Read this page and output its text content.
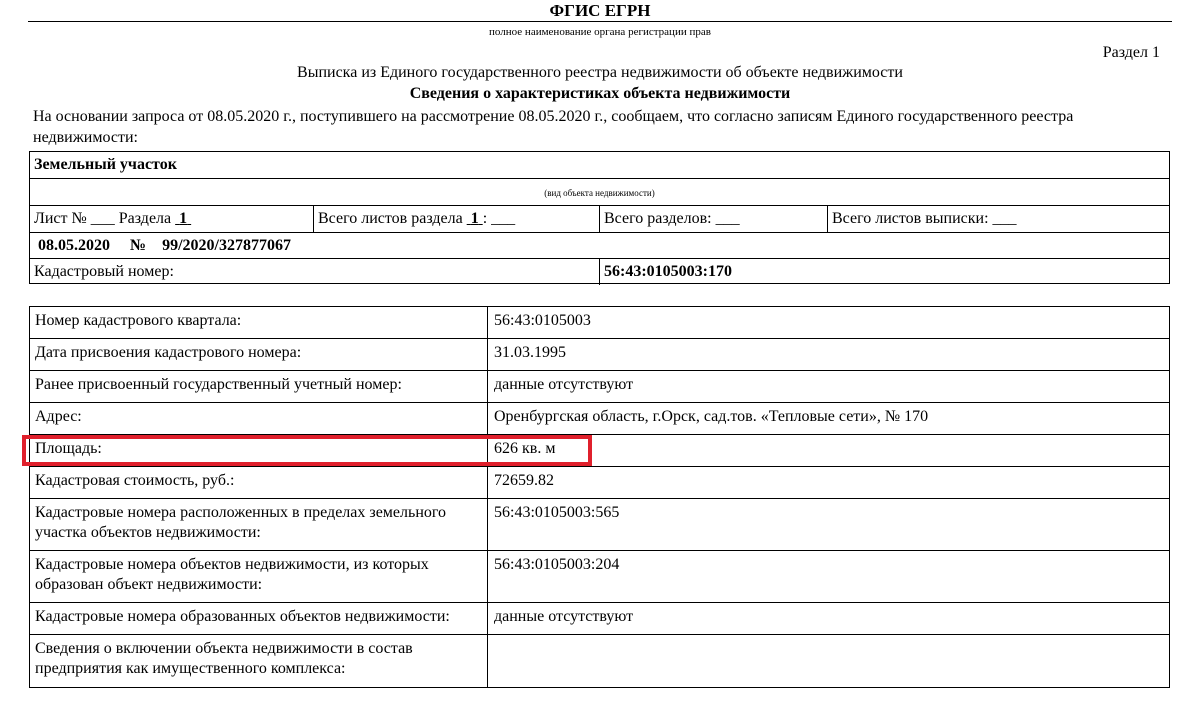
ФГИС ЕГРН
полное наименование органа регистрации прав
Раздел 1
Выписка из Единого государственного реестра недвижимости об объекте недвижимости
Сведения о характеристиках объекта недвижимости
На основании запроса от 08.05.2020 г., поступившего на рассмотрение 08.05.2020 г., сообщаем, что согласно записям Единого государственного реестра недвижимости:
Земельный участок
(вид объекта недвижимости)
Лист № ___ Раздела 1	Всего листов раздела 1 : ___	Всего разделов: ___	Всего листов выписки: ___
08.05.2020 № 99/2020/327877067
Кадастровый номер:	56:43:0105003:170
Номер кадастрового квартала:	56:43:0105003
Дата присвоения кадастрового номера:	31.03.1995
Ранее присвоенный государственный учетный номер:	данные отсутствуют
Адрес:	Оренбургская область, г.Орск, сад.тов. «Тепловые сети», № 170
Площадь:	626 кв. м
Кадастровая стоимость, руб.:	72659.82
Кадастровые номера расположенных в пределах земельного участка объектов недвижимости:
56:43:0105003:565
Кадастровые номера объектов недвижимости, из которых образован объект недвижимости:
56:43:0105003:204
Кадастровые номера образованных объектов недвижимости:	данные отсутствуют
Сведения о включении объекта недвижимости в состав предприятия как имущественного комплекса:
